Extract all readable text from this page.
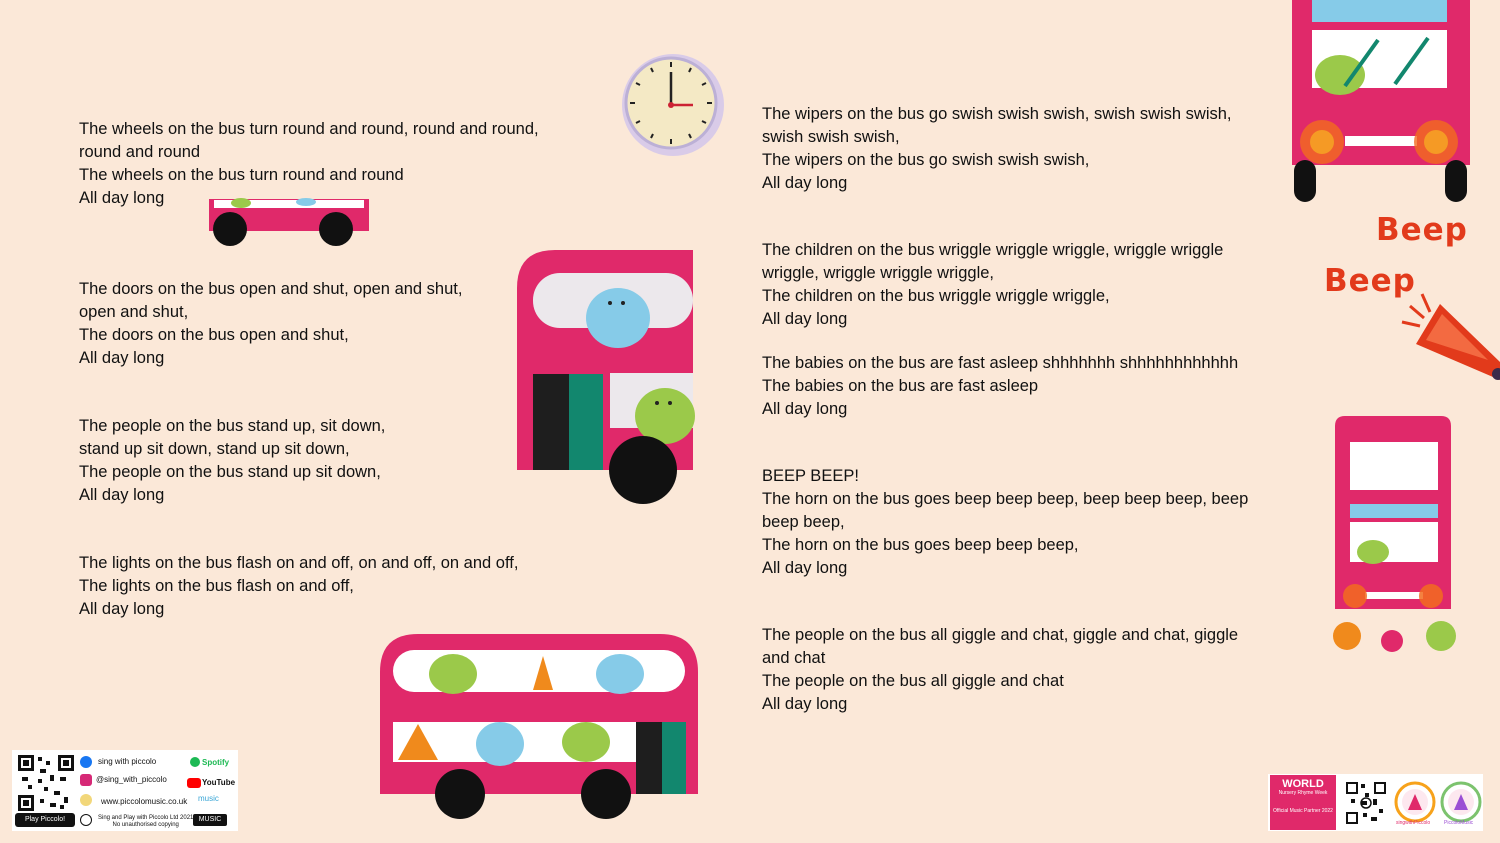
The wheels on the bus turn round and round, round and round,
round and round
The wheels on the bus turn round and round
All day long

The doors on the bus open and shut, open and shut,
open and shut,
The doors on the bus open and shut,
All day long

The people on the bus stand up, sit down,
stand up sit down, stand up sit down,
The people on the bus stand up sit down,
All day long

The lights on the bus flash on and off, on and off, on and off,
The lights on the bus flash on and off,
All day long

The wipers on the bus go swish swish swish, swish swish swish,
swish swish swish,
The wipers on the bus go swish swish swish,
All day long

The children on the bus wriggle wriggle wriggle, wriggle wriggle
wriggle, wriggle wriggle wriggle,
The children on the bus wriggle wriggle wriggle,
All day long

The babies on the bus are fast asleep shhhhhhh shhhhhhhhhhhh
The babies on the bus are fast asleep
All day long

BEEP BEEP!
The horn on the bus goes beep beep beep, beep beep beep, beep
beep beep,
The horn on the bus goes beep beep beep,
All day long

The people on the bus all giggle and chat, giggle and chat, giggle
and chat
The people on the bus all giggle and chat
All day long

Beep
Beep
Play Piccolo!
sing with piccolo
@sing_with_piccolo
www.piccolomusic.co.uk
Sing and Play with Piccolo Ltd 2021
No unauthorised copying
Spotify
YouTube
music
MUSIC
WORLD
Nursery Rhyme Week
Official Music Partner 2022
singwithPiccolo	PiccoloMusic
